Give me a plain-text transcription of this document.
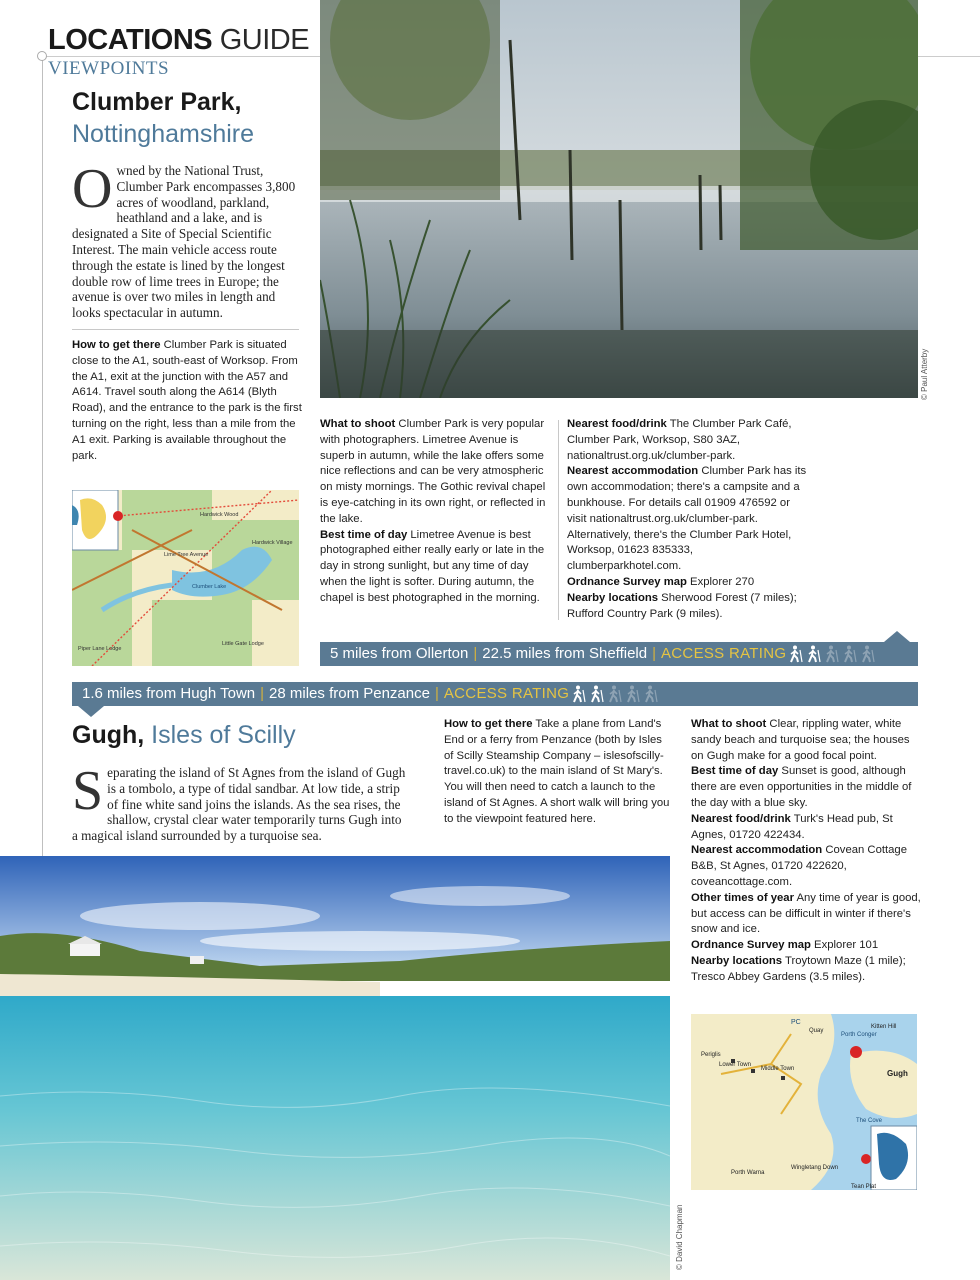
LOCATIONS GUIDE
VIEWPOINTS
Clumber Park,
Nottinghamshire
Owned by the National Trust, Clumber Park encompasses 3,800 acres of woodland, parkland, heathland and a lake, and is designated a Site of Special Scientific Interest. The main vehicle access route through the estate is lined by the longest double row of lime trees in Europe; the avenue is over two miles in length and looks spectacular in autumn.
How to get there Clumber Park is situated close to the A1, south-east of Worksop. From the A1, exit at the junction with the A57 and A614. Travel south along the A614 (Blyth Road), and the entrance to the park is the first turning on the right, less than a mile from the A1 exit. Parking is available throughout the park.
© Paul Atterby
What to shoot Clumber Park is very popular with photographers. Limetree Avenue is superb in autumn, while the lake offers some nice reflections and can be very atmospheric on misty mornings. The Gothic revival chapel is eye-catching in its own right, or reflected in the lake.
Best time of day Limetree Avenue is best photographed either really early or late in the day in strong sunlight, but any time of day when the light is softer. During autumn, the chapel is best photographed in the morning.
Nearest food/drink The Clumber Park Café, Clumber Park, Worksop, S80 3AZ, nationaltrust.org.uk/clumber-park.
Nearest accommodation Clumber Park has its own accommodation; there's a campsite and a bunkhouse. For details call 01909 476592 or visit nationaltrust.org.uk/clumber-park. Alternatively, there's the Clumber Park Hotel, Worksop, 01623 835333, clumberparkhotel.com.
Ordnance Survey map Explorer 270
Nearby locations Sherwood Forest (7 miles); Rufford Country Park (9 miles).
Hardwick Wood
Hardwick Village
Lime Tree Avenue
Clumber Lake
Piper Lane Lodge
Little Gate Lodge
5 miles from Ollerton | 22.5 miles from Sheffield | ACCESS RATING
1.6 miles from Hugh Town | 28 miles from Penzance | ACCESS RATING
Gugh, Isles of Scilly
Separating the island of St Agnes from the island of Gugh is a tombolo, a type of tidal sandbar. At low tide, a strip of fine white sand joins the islands. As the sea rises, the shallow, crystal clear water temporarily turns Gugh into a magical island surrounded by a turquoise sea.
How to get there Take a plane from Land's End or a ferry from Penzance (both by Isles of Scilly Steamship Company – islesofscilly-travel.co.uk) to the main island of St Mary's. You will then need to catch a launch to the island of St Agnes. A short walk will bring you to the viewpoint featured here.
What to shoot Clear, rippling water, white sandy beach and turquoise sea; the houses on Gugh make for a good focal point.
Best time of day Sunset is good, although there are even opportunities in the middle of the day with a blue sky.
Nearest food/drink Turk's Head pub, St Agnes, 01720 422434.
Nearest accommodation Covean Cottage B&B, St Agnes, 01720 422620, coveancottage.com.
Other times of year Any time of year is good, but access can be difficult in winter if there's snow and ice.
Ordnance Survey map Explorer 101
Nearby locations Troytown Maze (1 mile); Tresco Abbey Gardens (3.5 miles).
© David Chapman
Quay
Kitten Hill
Middle Town	Gugh
Lower Town
Porth Warna
Wingletang Down
Porth Conger
The Cove
Periglis
Tean Plat
PC
